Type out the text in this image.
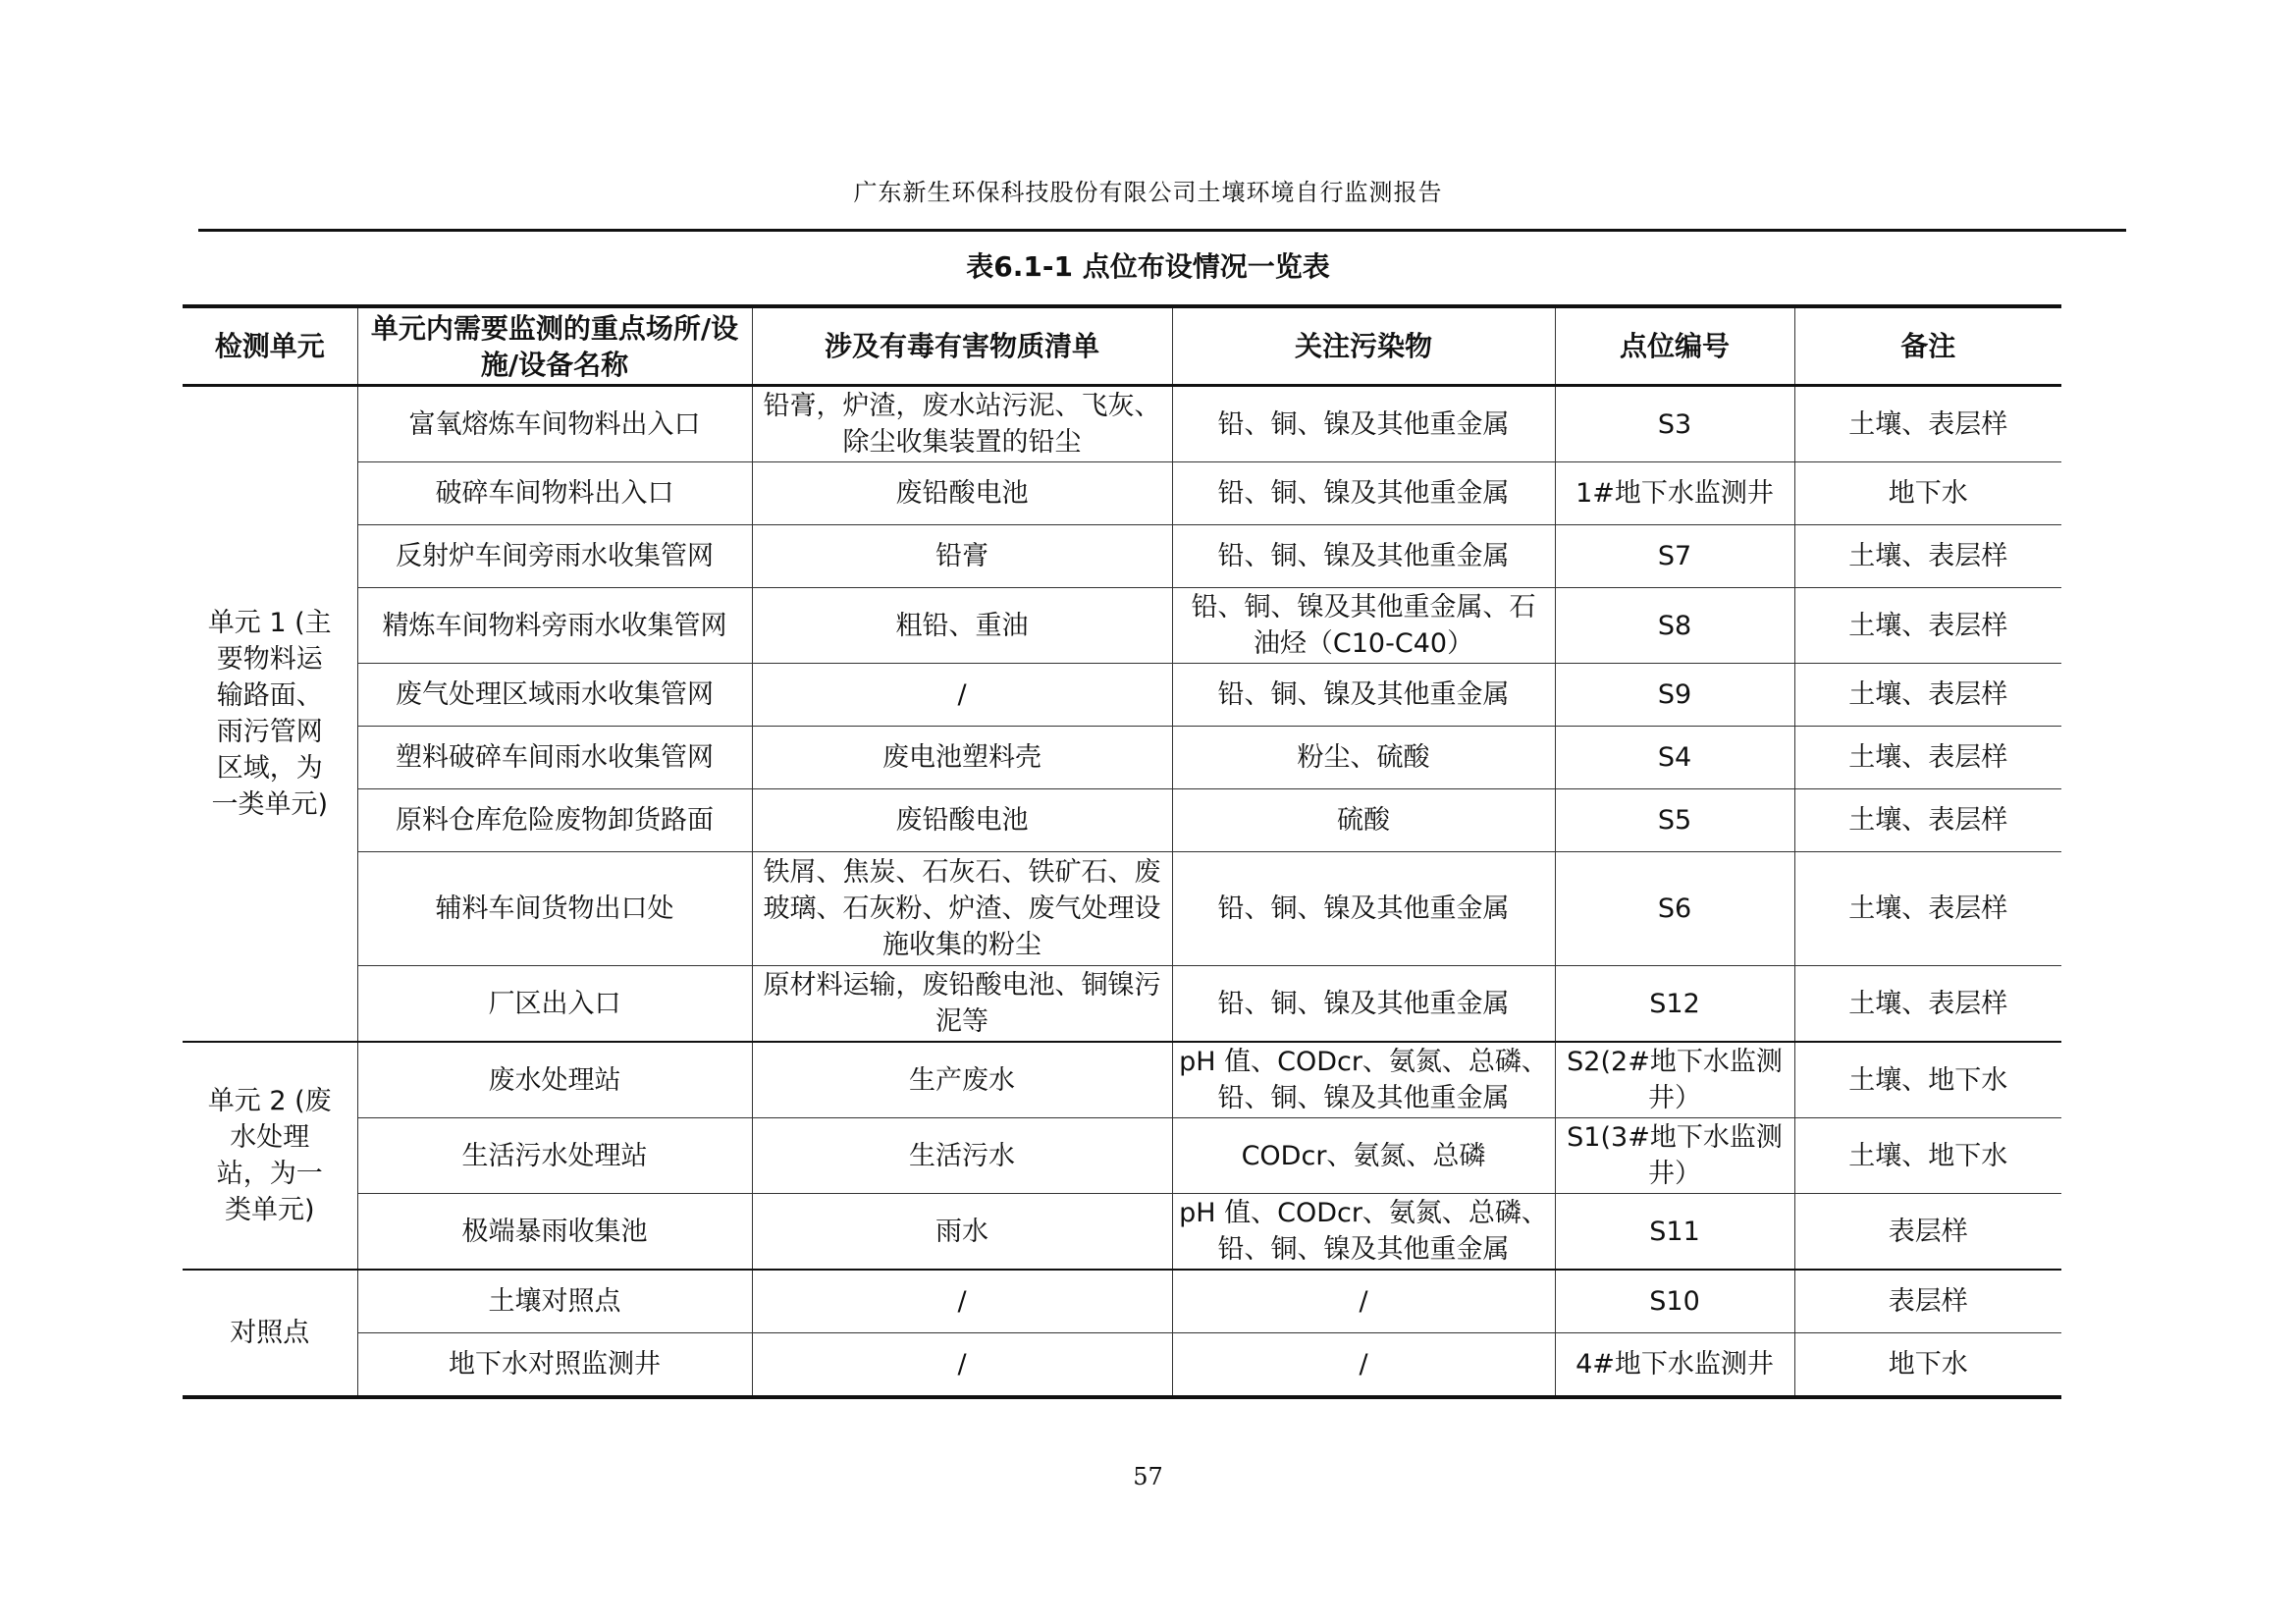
广东新生环保科技股份有限公司土壤环境自行监测报告
表6.1-1 点位布设情况一览表
检测单元	单元内需要监测的重点场所/设施/设备名称	涉及有毒有害物质清单	关注污染物	点位编号	备注
单元 1 (主要物料运输路面、雨污管网区域，为一类单元)	富氧熔炼车间物料出入口	铅膏，炉渣，废水站污泥、飞灰、除尘收集装置的铅尘	铅、铜、镍及其他重金属	S3	土壤、表层样
	破碎车间物料出入口	废铅酸电池	铅、铜、镍及其他重金属	1#地下水监测井	地下水
	反射炉车间旁雨水收集管网	铅膏	铅、铜、镍及其他重金属	S7	土壤、表层样
	精炼车间物料旁雨水收集管网	粗铅、重油	铅、铜、镍及其他重金属、石油烃（C10-C40）	S8	土壤、表层样
	废气处理区域雨水收集管网	/	铅、铜、镍及其他重金属	S9	土壤、表层样
	塑料破碎车间雨水收集管网	废电池塑料壳	粉尘、硫酸	S4	土壤、表层样
	原料仓库危险废物卸货路面	废铅酸电池	硫酸	S5	土壤、表层样
	辅料车间货物出口处	铁屑、焦炭、石灰石、铁矿石、废玻璃、石灰粉、炉渣、废气处理设施收集的粉尘	铅、铜、镍及其他重金属	S6	土壤、表层样
	厂区出入口	原材料运输，废铅酸电池、铜镍污泥等	铅、铜、镍及其他重金属	S12	土壤、表层样
单元 2 (废水处理站，为一类单元)	废水处理站	生产废水	pH 值、CODcr、氨氮、总磷、铅、铜、镍及其他重金属	S2(2#地下水监测井）	土壤、地下水
	生活污水处理站	生活污水	CODcr、氨氮、总磷	S1(3#地下水监测井）	土壤、地下水
	极端暴雨收集池	雨水	pH 值、CODcr、氨氮、总磷、铅、铜、镍及其他重金属	S11	表层样
对照点	土壤对照点	/	/	S10	表层样
	地下水对照监测井	/	/	4#地下水监测井	地下水
57
